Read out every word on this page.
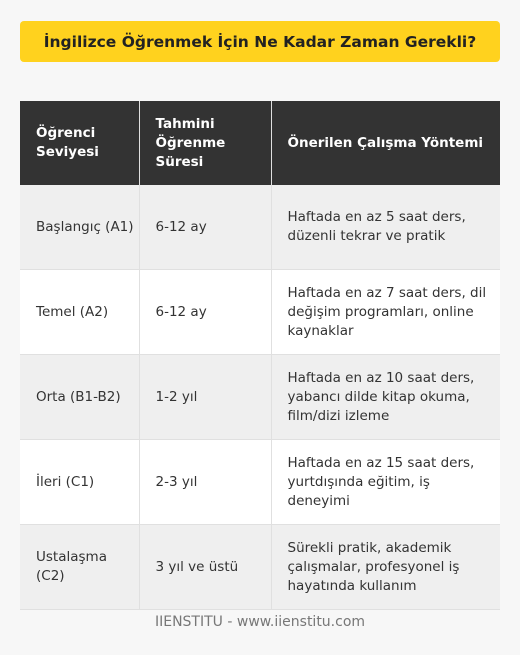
İngilizce Öğrenmek İçin Ne Kadar Zaman Gerekli?
Öğrenci Seviyesi	Tahmini Öğrenme Süresi	Önerilen Çalışma Yöntemi
Başlangıç (A1)	6-12 ay	Haftada en az 5 saat ders, düzenli tekrar ve pratik
Temel (A2)	6-12 ay	Haftada en az 7 saat ders, dil değişim programları, online kaynaklar
Orta (B1-B2)	1-2 yıl	Haftada en az 10 saat ders, yabancı dilde kitap okuma, film/dizi izleme
İleri (C1)	2-3 yıl	Haftada en az 15 saat ders, yurtdışında eğitim, iş deneyimi
Ustalaşma (C2)	3 yıl ve üstü	Sürekli pratik, akademik çalışmalar, profesyonel iş hayatında kullanım
IIENSTITU - www.iienstitu.com
